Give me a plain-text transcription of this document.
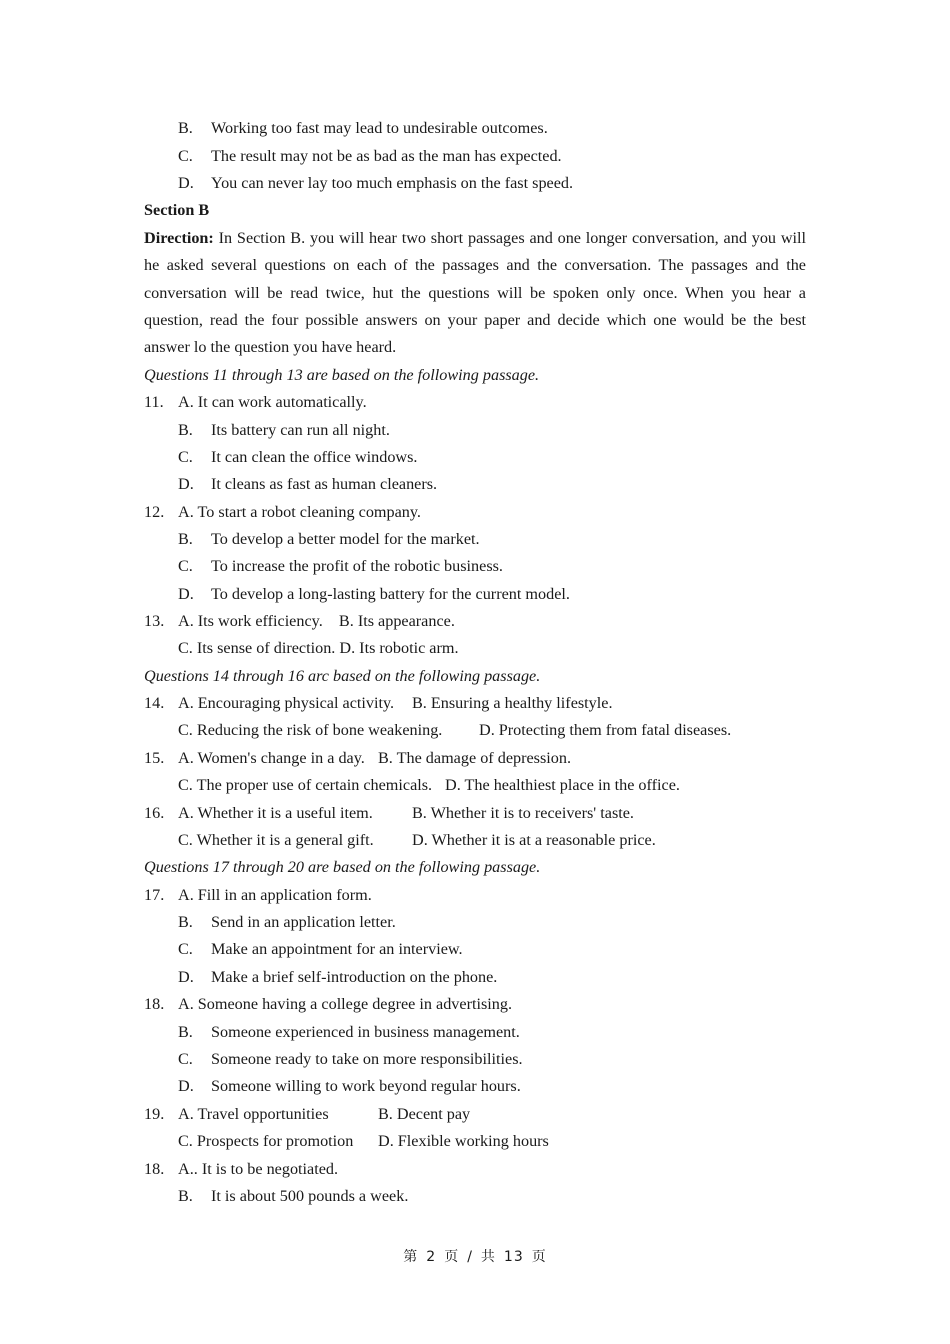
B. Working too fast may lead to undesirable outcomes.
C. The result may not be as bad as the man has expected.
D. You can never lay too much emphasis on the fast speed.
Section B
Direction: In Section B. you will hear two short passages and one longer conversation, and you will
he asked several questions on each of the passages and the conversation. The passages and the
conversation will be read twice, hut the questions will be spoken only once. When you hear a
question, read the four possible answers on your paper and decide which one would be the best
answer lo the question you have heard.
Questions 11 through 13 are based on the following passage.
11. A. It can work automatically.
B. Its battery can run all night.
C. It can clean the office windows.
D. It cleans as fast as human cleaners.
12. A. To start a robot cleaning company.
B. To develop a better model for the market.
C. To increase the profit of the robotic business.
D. To develop a long-lasting battery for the current model.
13. A. Its work efficiency.    B. Its appearance.
C. Its sense of direction. D. Its robotic arm.
Questions 14 through 16 arc based on the following passage.
14. A. Encouraging physical activity. B. Ensuring a healthy lifestyle.
C. Reducing the risk of bone weakening. D. Protecting them from fatal diseases.
15. A. Women's change in a day. B. The damage of depression.
C. The proper use of certain chemicals. D. The healthiest place in the office.
16. A. Whether it is a useful item. B. Whether it is to receivers' taste.
C. Whether it is a general gift. D. Whether it is at a reasonable price.
Questions 17 through 20 are based on the following passage.
17. A. Fill in an application form.
B. Send in an application letter.
C. Make an appointment for an interview.
D. Make a brief self-introduction on the phone.
18. A. Someone having a college degree in advertising.
B. Someone experienced in business management.
C. Someone ready to take on more responsibilities.
D. Someone willing to work beyond regular hours.
19. A. Travel opportunities	B. Decent pay
C. Prospects for promotion D. Flexible working hours
18. A.. It is to be negotiated.
B. It is about 500 pounds a week.
第 2 页 / 共 13 页
